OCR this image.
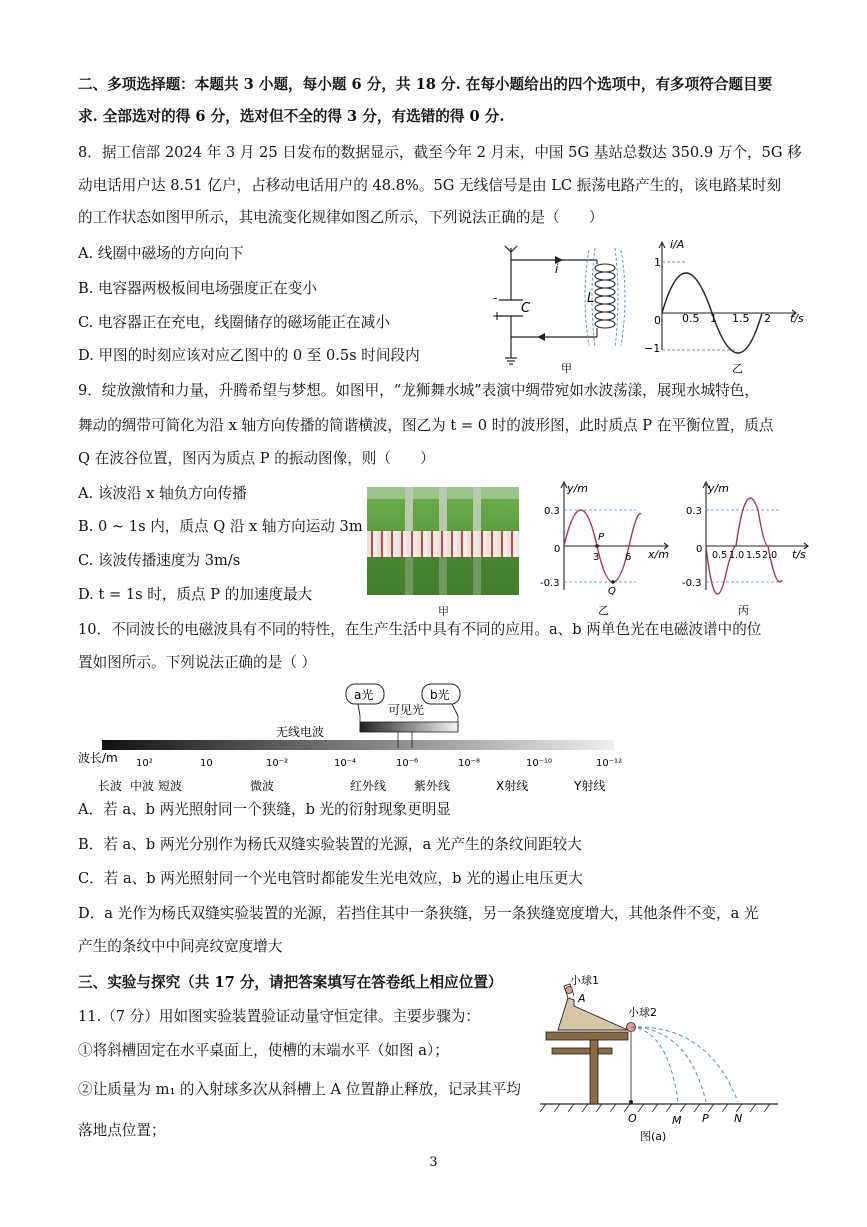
二、多项选择题：本题共 3 小题，每小题 6 分，共 18 分. 在每小题给出的四个选项中，有多项符合题目要
求. 全部选对的得 6 分，选对但不全的得 3 分，有选错的得 0 分.
8．据工信部 2024 年 3 月 25 日发布的数据显示，截至今年 2 月末，中国 5G 基站总数达 350.9 万个，5G 移
动电话用户达 8.51 亿户，占移动电话用户的 48.8%。5G 无线信号是由 LC 振荡电路产生的，该电路某时刻
的工作状态如图甲所示，其电流变化规律如图乙所示，下列说法正确的是（　　）
A. 线圈中磁场的方向向下
B. 电容器两极板间电场强度正在变小
C. 电容器正在充电，线圈储存的磁场能正在减小
D. 甲图的时刻应该对应乙图中的 0 至 0.5s 时间段内
i
C
L
-
+
甲
i/A
t/s
1
−1
0.5 1 1.5 2
0
乙
9．绽放激情和力量，升腾希望与梦想。如图甲，“龙狮舞水城”表演中绸带宛如水波荡漾，展现水城特色，
舞动的绸带可简化为沿 x 轴方向传播的简谐横波，图乙为 t = 0 时的波形图，此时质点 P 在平衡位置，质点
Q 在波谷位置，图丙为质点 P 的振动图像，则（　　）
A. 该波沿 x 轴负方向传播
B. 0 ~ 1s 内，质点 Q 沿 x 轴方向运动 3m
C. 该波传播速度为 3m/s
D. t = 1s 时，质点 P 的加速度最大
甲
y/m
x/m
0.3
-0.3
0
3	6
P
Q
乙
y/m
t/s
0.3
-0.3
0
0.5 1.0 1.5 2.0
丙
10．不同波长的电磁波具有不同的特性，在生产生活中具有不同的应用。a、b 两单色光在电磁波谱中的位
置如图所示。下列说法正确的是（ ）
a光	b光
可见光
无线电波
波长/m 10²	10	10⁻²	10⁻⁴	10⁻⁶	10⁻⁸	10⁻¹⁰	10⁻¹²
长波 中波 短波	微波	红外线 紫外线	X射线	Y射线
A．若 a、b 两光照射同一个狭缝，b 光的衍射现象更明显
B．若 a、b 两光分别作为杨氏双缝实验装置的光源，a 光产生的条纹间距较大
C．若 a、b 两光照射同一个光电管时都能发生光电效应，b 光的遏止电压更大
D．a 光作为杨氏双缝实验装置的光源，若挡住其中一条狭缝，另一条狭缝宽度增大，其他条件不变，a 光
产生的条纹中中间亮纹宽度增大
三、实验与探究（共 17 分，请把答案填写在答卷纸上相应位置）
11.（7 分）用如图实验装置验证动量守恒定律。主要步骤为：
①将斜槽固定在水平桌面上，使槽的末端水平（如图 a）；
②让质量为 m₁ 的入射球多次从斜槽上 A 位置静止释放，记录其平均
落地点位置；
小球1
A
小球2
O	M P N
图(a)
3
